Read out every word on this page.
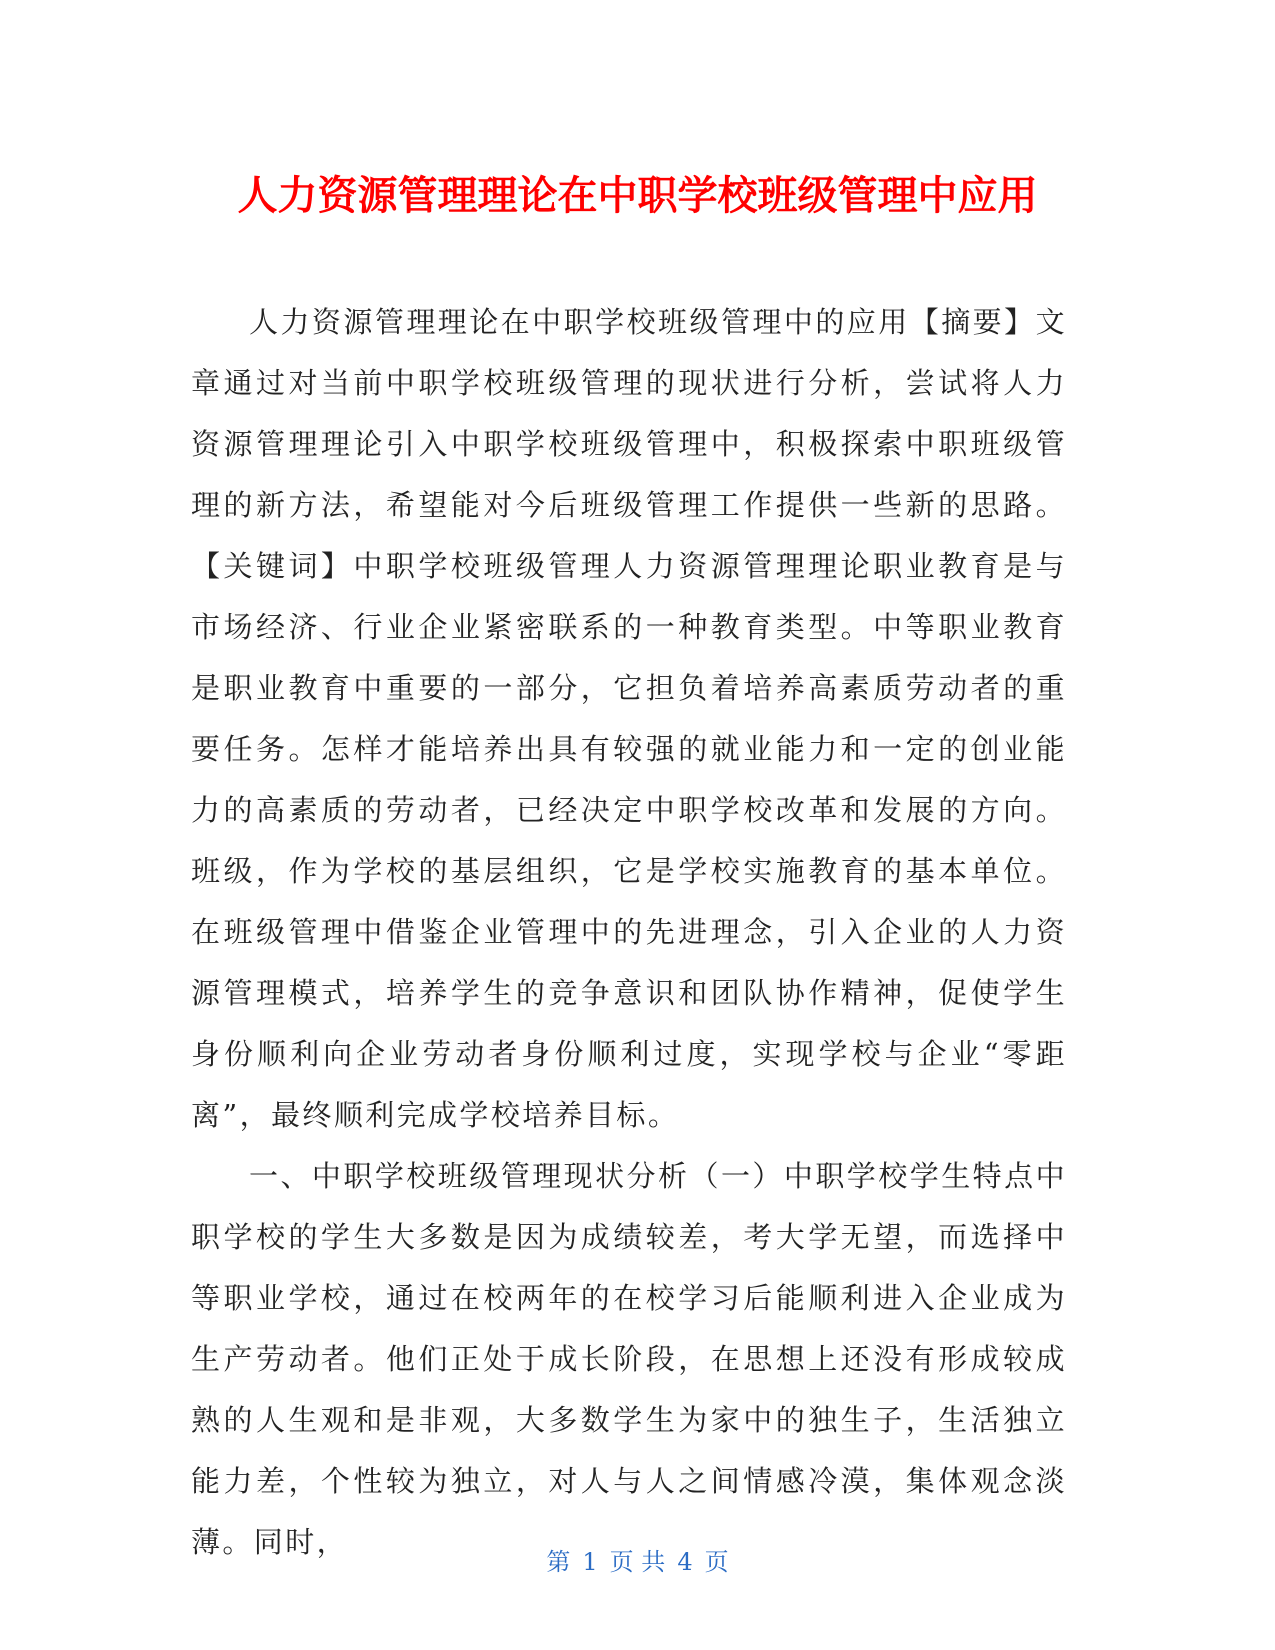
人力资源管理理论在中职学校班级管理中应用

人力资源管理理论在中职学校班级管理中的应用【摘要】文章通过对当前中职学校班级管理的现状进行分析，尝试将人力资源管理理论引入中职学校班级管理中，积极探索中职班级管理的新方法，希望能对今后班级管理工作提供一些新的思路。【关键词】中职学校班级管理人力资源管理理论职业教育是与市场经济、行业企业紧密联系的一种教育类型。中等职业教育是职业教育中重要的一部分，它担负着培养高素质劳动者的重要任务。怎样才能培养出具有较强的就业能力和一定的创业能力的高素质的劳动者，已经决定中职学校改革和发展的方向。班级，作为学校的基层组织，它是学校实施教育的基本单位。在班级管理中借鉴企业管理中的先进理念，引入企业的人力资源管理模式，培养学生的竞争意识和团队协作精神，促使学生身份顺利向企业劳动者身份顺利过度，实现学校与企业“零距离”，最终顺利完成学校培养目标。

一、中职学校班级管理现状分析（一）中职学校学生特点中职学校的学生大多数是因为成绩较差，考大学无望，而选择中等职业学校，通过在校两年的在校学习后能顺利进入企业成为生产劳动者。他们正处于成长阶段，在思想上还没有形成较成熟的人生观和是非观，大多数学生为家中的独生子，生活独立能力差，个性较为独立，对人与人之间情感冷漠，集体观念淡薄。同时，

第 1 页 共 4 页
